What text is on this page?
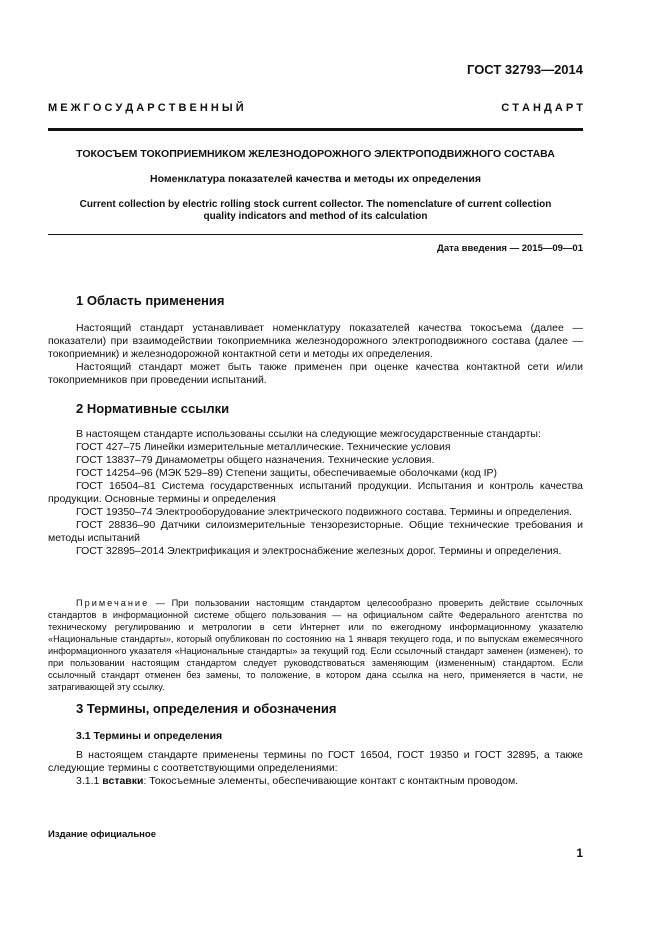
ГОСТ 32793—2014
М Е Ж Г О С У Д А Р С Т В Е Н Н Ы Й	С Т А Н Д А Р Т
ТОКОСЪЕМ ТОКОПРИЕМНИКОМ ЖЕЛЕЗНОДОРОЖНОГО ЭЛЕКТРОПОДВИЖНОГО СОСТАВА
Номенклатура показателей качества и методы их определения
Current collection by electric rolling stock current collector. The nomenclature of current collection quality indicators and method of its calculation
Дата введения — 2015—09—01
1 Область применения

Настоящий стандарт устанавливает номенклатуру показателей качества токосъема (далее — показатели) при взаимодействии токоприемника железнодорожного электроподвижного состава (далее — токоприемник) и железнодорожной контактной сети и методы их определения.

Настоящий стандарт может быть также применен при оценке качества контактной сети и/или токоприемников при проведении испытаний.

2 Нормативные ссылки

В настоящем стандарте использованы ссылки на следующие межгосударственные стандарты:

ГОСТ 427–75 Линейки измерительные металлические. Технические условия

ГОСТ 13837–79 Динамометры общего назначения. Технические условия.

ГОСТ 14254–96 (МЭК 529–89) Степени защиты, обеспечиваемые оболочками (код IP)

ГОСТ 16504–81 Система государственных испытаний продукции. Испытания и контроль качества продукции. Основные термины и определения

ГОСТ 19350–74 Электрооборудование электрического подвижного состава. Термины и определения.

ГОСТ 28836–90 Датчики силоизмерительные тензорезисторные. Общие технические требования и методы испытаний

ГОСТ 32895–2014 Электрификация и электроснабжение железных дорог. Термины и определения.

Примечание — При пользовании настоящим стандартом целесообразно проверить действие ссылочных стандартов в информационной системе общего пользования — на официальном сайте Федерального агентства по техническому регулированию и метрологии в сети Интернет или по ежегодному информационному указателю «Национальные стандарты», который опубликован по состоянию на 1 января текущего года, и по выпускам ежемесячного информационного указателя «Национальные стандарты» за текущий год. Если ссылочный стандарт заменен (изменен), то при пользовании настоящим стандартом следует руководствоваться заменяющим (измененным) стандартом. Если ссылочный стандарт отменен без замены, то положение, в котором дана ссылка на него, применяется в части, не затрагивающей эту ссылку.

3 Термины, определения и обозначения
3.1 Термины и определения

В настоящем стандарте применены термины по ГОСТ 16504, ГОСТ 19350 и ГОСТ 32895, а также следующие термины с соответствующими определениями:

3.1.1 вставки: Токосъемные элементы, обеспечивающие контакт с контактным проводом.

Издание официальное
1
